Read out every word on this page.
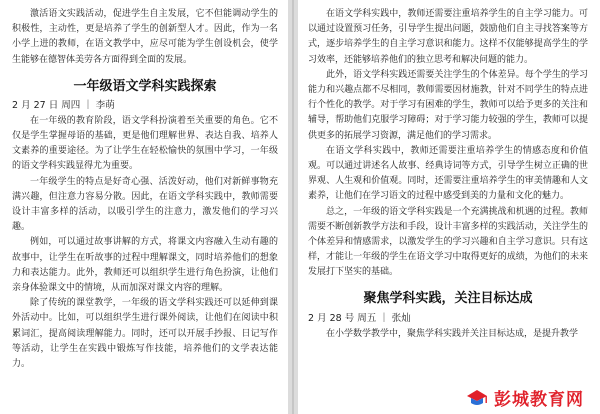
激活语文实践活动，促进学生自主发展，它不但能调动学生的积极性，主动性，更是培养了学生的创新型人才。因此，作为一名小学上进的教师，在语文教学中，应尽可能为学生创设机会，使学生能够在德智体美劳各方面得到全面的发展。

一年级语文学科实践探索
2 月 27 日 周四 ｜ 李萌

在一年级的教育阶段，语文学科扮演着至关重要的角色。它不仅是学生掌握母语的基础，更是他们理解世界、表达自我、培养人文素养的重要途径。为了让学生在轻松愉快的氛围中学习，一年级的语文学科实践显得尤为重要。

一年级学生的特点是好奇心强、活泼好动，他们对新鲜事物充满兴趣，但注意力容易分散。因此，在语文学科实践中，教师需要设计丰富多样的活动，以吸引学生的注意力，激发他们的学习兴趣。

例如，可以通过故事讲解的方式，将课文内容融入生动有趣的故事中，让学生在听故事的过程中理解课文，同时培养他们的想象力和表达能力。此外，教师还可以组织学生进行角色扮演，让他们亲身体验课文中的情境，从而加深对课文内容的理解。

除了传统的课堂教学，一年级的语文学科实践还可以延伸到课外活动中。比如，可以组织学生进行课外阅读，让他们在阅读中积累词汇，提高阅读理解能力。同时，还可以开展手抄报、日记写作等活动，让学生在实践中锻炼写作技能，培养他们的文学表达能力。

在语文学科实践中，教师还需要注重培养学生的自主学习能力。可以通过设置预习任务，引导学生提出问题，鼓励他们自主寻找答案等方式，逐步培养学生的自主学习意识和能力。这样不仅能够提高学生的学习效率，还能够培养他们的独立思考和解决问题的能力。

此外，语文学科实践还需要关注学生的个体差异。每个学生的学习能力和兴趣点都不尽相同，教师需要因材施教，针对不同学生的特点进行个性化的教学。对于学习有困难的学生，教师可以给予更多的关注和辅导，帮助他们克服学习障碍；对于学习能力较强的学生，教师可以提供更多的拓展学习资源，满足他们的学习需求。

在语文学科实践中，教师还需要注重培养学生的情感态度和价值观。可以通过讲述名人故事、经典诗词等方式，引导学生树立正确的世界观、人生观和价值观。同时，还需要注重培养学生的审美情趣和人文素养，让他们在学习语文的过程中感受到美的力量和文化的魅力。

总之，一年级的语文学科实践是一个充满挑战和机遇的过程。教师需要不断创新教学方法和手段，设计丰富多样的实践活动，关注学生的个体差异和情感需求，以激发学生的学习兴趣和自主学习意识。只有这样，才能让一年级的学生在语文学习中取得更好的成绩，为他们的未来发展打下坚实的基础。

聚焦学科实践，关注目标达成
2 月 28 号 周五 ｜ 张灿

在小学数学教学中，聚焦学科实践并关注目标达成，是提升教学

彭城教育网
